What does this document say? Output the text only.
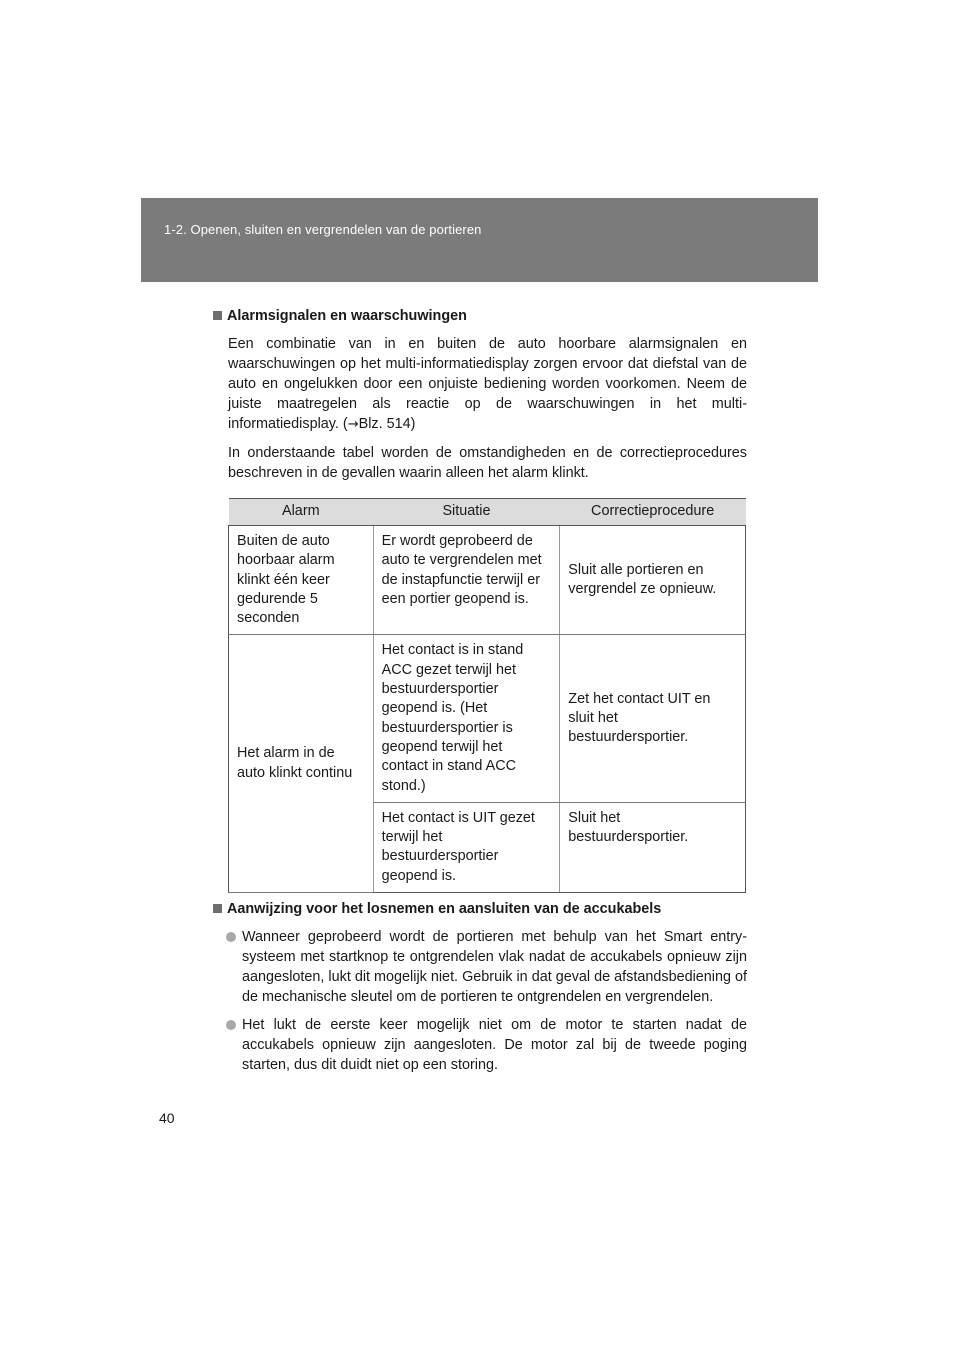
1-2. Openen, sluiten en vergrendelen van de portieren
Alarmsignalen en waarschuwingen

Een combinatie van in en buiten de auto hoorbare alarmsignalen en waarschuwingen op het multi-informatiedisplay zorgen ervoor dat diefstal van de auto en ongelukken door een onjuiste bediening worden voorkomen. Neem de juiste maatregelen als reactie op de waarschuwingen in het multi-informatiedisplay. (→Blz. 514)

In onderstaande tabel worden de omstandigheden en de correctieprocedures beschreven in de gevallen waarin alleen het alarm klinkt.

Alarm	Situatie	Correctieprocedure
Buiten de auto hoorbaar alarm klinkt één keer gedurende 5 seconden	Er wordt geprobeerd de auto te vergrendelen met de instapfunctie terwijl er een portier geopend is.	Sluit alle portieren en vergrendel ze opnieuw.
Het alarm in de auto klinkt continu	Het contact is in stand ACC gezet terwijl het bestuurdersportier geopend is. (Het bestuurdersportier is geopend terwijl het contact in stand ACC stond.)	Zet het contact UIT en sluit het bestuurdersportier.
	Het contact is UIT gezet terwijl het bestuurdersportier geopend is.	Sluit het bestuurdersportier.
Aanwijzing voor het losnemen en aansluiten van de accukabels
Wanneer geprobeerd wordt de portieren met behulp van het Smart entry-systeem met startknop te ontgrendelen vlak nadat de accukabels opnieuw zijn aangesloten, lukt dit mogelijk niet. Gebruik in dat geval de afstandsbediening of de mechanische sleutel om de portieren te ontgrendelen en vergrendelen.
Het lukt de eerste keer mogelijk niet om de motor te starten nadat de accukabels opnieuw zijn aangesloten. De motor zal bij de tweede poging starten, dus dit duidt niet op een storing.
40
